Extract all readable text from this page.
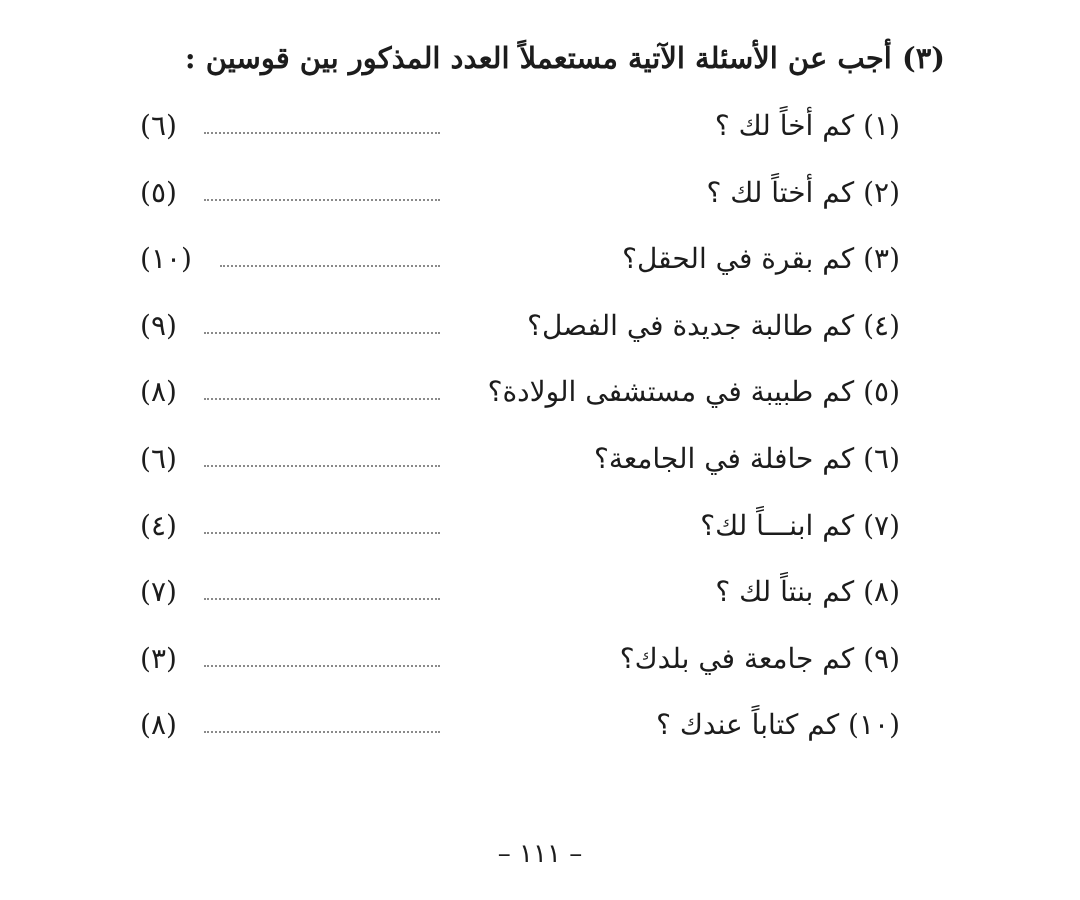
(٣) أجب عن الأسئلة الآتية مستعملاً العدد المذكور بين قوسين :
(١) كم أخاً لك ؟
(٦)
(٢) كم أختاً لك ؟
(٥)
(٣) كم بقرة في الحقل؟
(١٠)
(٤) كم طالبة جديدة في الفصل؟
(٩)
(٥) كم طبيبة في مستشفى الولادة؟
(٨)
(٦) كم حافلة في الجامعة؟
(٦)
(٧) كم ابنـــاً لك؟
(٤)
(٨) كم بنتاً لك ؟
(٧)
(٩) كم جامعة في بلدك؟
(٣)
(١٠) كم كتاباً عندك ؟
(٨)
– ١١١ –
